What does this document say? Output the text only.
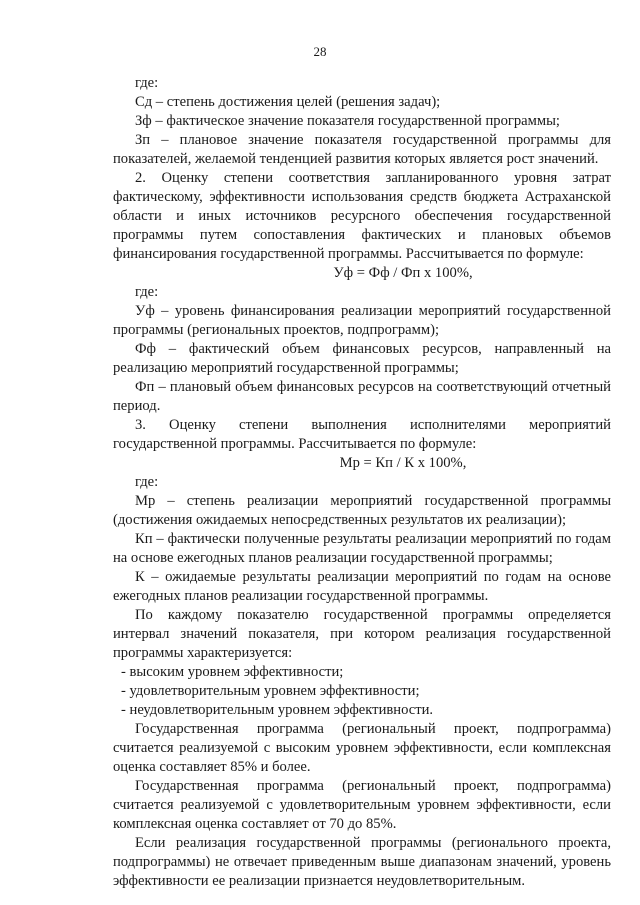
28

где:

Сд – степень достижения целей (решения задач);

Зф – фактическое значение показателя государственной программы;

Зп – плановое значение показателя государственной программы для показателей, желаемой тенденцией развития которых является рост значений.

2. Оценку степени соответствия запланированного уровня затрат фактическому, эффективности использования средств бюджета Астраханской области и иных источников ресурсного обеспечения государственной программы путем сопоставления фактических и плановых объемов финансирования государственной программы. Рассчитывается по формуле:

Уф = Фф / Фп х 100%,

где:

Уф – уровень финансирования реализации мероприятий государственной программы (региональных проектов, подпрограмм);

Фф – фактический объем финансовых ресурсов, направленный на реализацию мероприятий государственной программы;

Фп – плановый объем финансовых ресурсов на соответствующий отчетный период.

3. Оценку степени выполнения исполнителями мероприятий государственной программы. Рассчитывается по формуле:

Мр = Кп / К х 100%,

где:

Мр – степень реализации мероприятий государственной программы (достижения ожидаемых непосредственных результатов их реализации);

Кп – фактически полученные результаты реализации мероприятий по годам на основе ежегодных планов реализации государственной программы;

К – ожидаемые результаты реализации мероприятий по годам на основе ежегодных планов реализации государственной программы.

По каждому показателю государственной программы определяется интервал значений показателя, при котором реализация государственной программы характеризуется:

- высоким уровнем эффективности;

- удовлетворительным уровнем эффективности;

- неудовлетворительным уровнем эффективности.

Государственная программа (региональный проект, подпрограмма) считается реализуемой с высоким уровнем эффективности, если комплексная оценка составляет 85% и более.

Государственная программа (региональный проект, подпрограмма) считается реализуемой с удовлетворительным уровнем эффективности, если комплексная оценка составляет от 70 до 85%.

Если реализация государственной программы (регионального проекта, подпрограммы) не отвечает приведенным выше диапазонам значений, уровень эффективности ее реализации признается неудовлетворительным.
